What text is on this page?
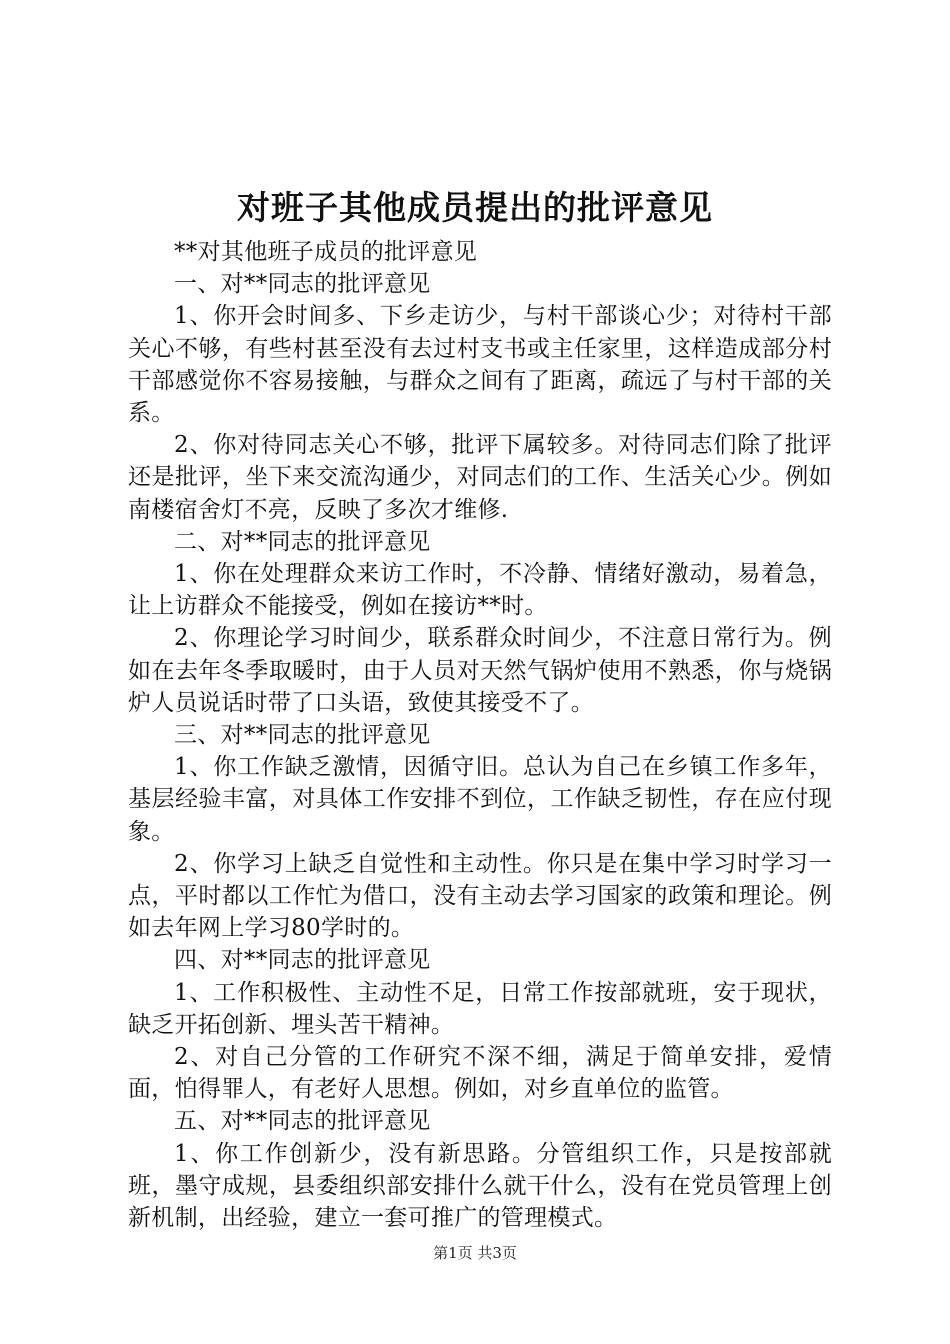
对班子其他成员提出的批评意见

**对其他班子成员的批评意见

一、对**同志的批评意见

1、你开会时间多、下乡走访少，与村干部谈心少；对待村干部关心不够，有些村甚至没有去过村支书或主任家里，这样造成部分村干部感觉你不容易接触，与群众之间有了距离，疏远了与村干部的关系。

2、你对待同志关心不够，批评下属较多。对待同志们除了批评还是批评，坐下来交流沟通少，对同志们的工作、生活关心少。例如南楼宿舍灯不亮，反映了多次才维修.

二、对**同志的批评意见

1、你在处理群众来访工作时，不冷静、情绪好激动，易着急，让上访群众不能接受，例如在接访**时。

2、你理论学习时间少，联系群众时间少，不注意日常行为。例如在去年冬季取暖时，由于人员对天然气锅炉使用不熟悉，你与烧锅炉人员说话时带了口头语，致使其接受不了。

三、对**同志的批评意见

1、你工作缺乏激情，因循守旧。总认为自己在乡镇工作多年，基层经验丰富，对具体工作安排不到位，工作缺乏韧性，存在应付现象。

2、你学习上缺乏自觉性和主动性。你只是在集中学习时学习一点，平时都以工作忙为借口，没有主动去学习国家的政策和理论。例如去年网上学习80学时的。

四、对**同志的批评意见

1、工作积极性、主动性不足，日常工作按部就班，安于现状，缺乏开拓创新、埋头苦干精神。

2、对自己分管的工作研究不深不细，满足于简单安排，爱情面，怕得罪人，有老好人思想。例如，对乡直单位的监管。

五、对**同志的批评意见

1、你工作创新少，没有新思路。分管组织工作，只是按部就班，墨守成规，县委组织部安排什么就干什么，没有在党员管理上创新机制，出经验，建立一套可推广的管理模式。

第1页 共3页
